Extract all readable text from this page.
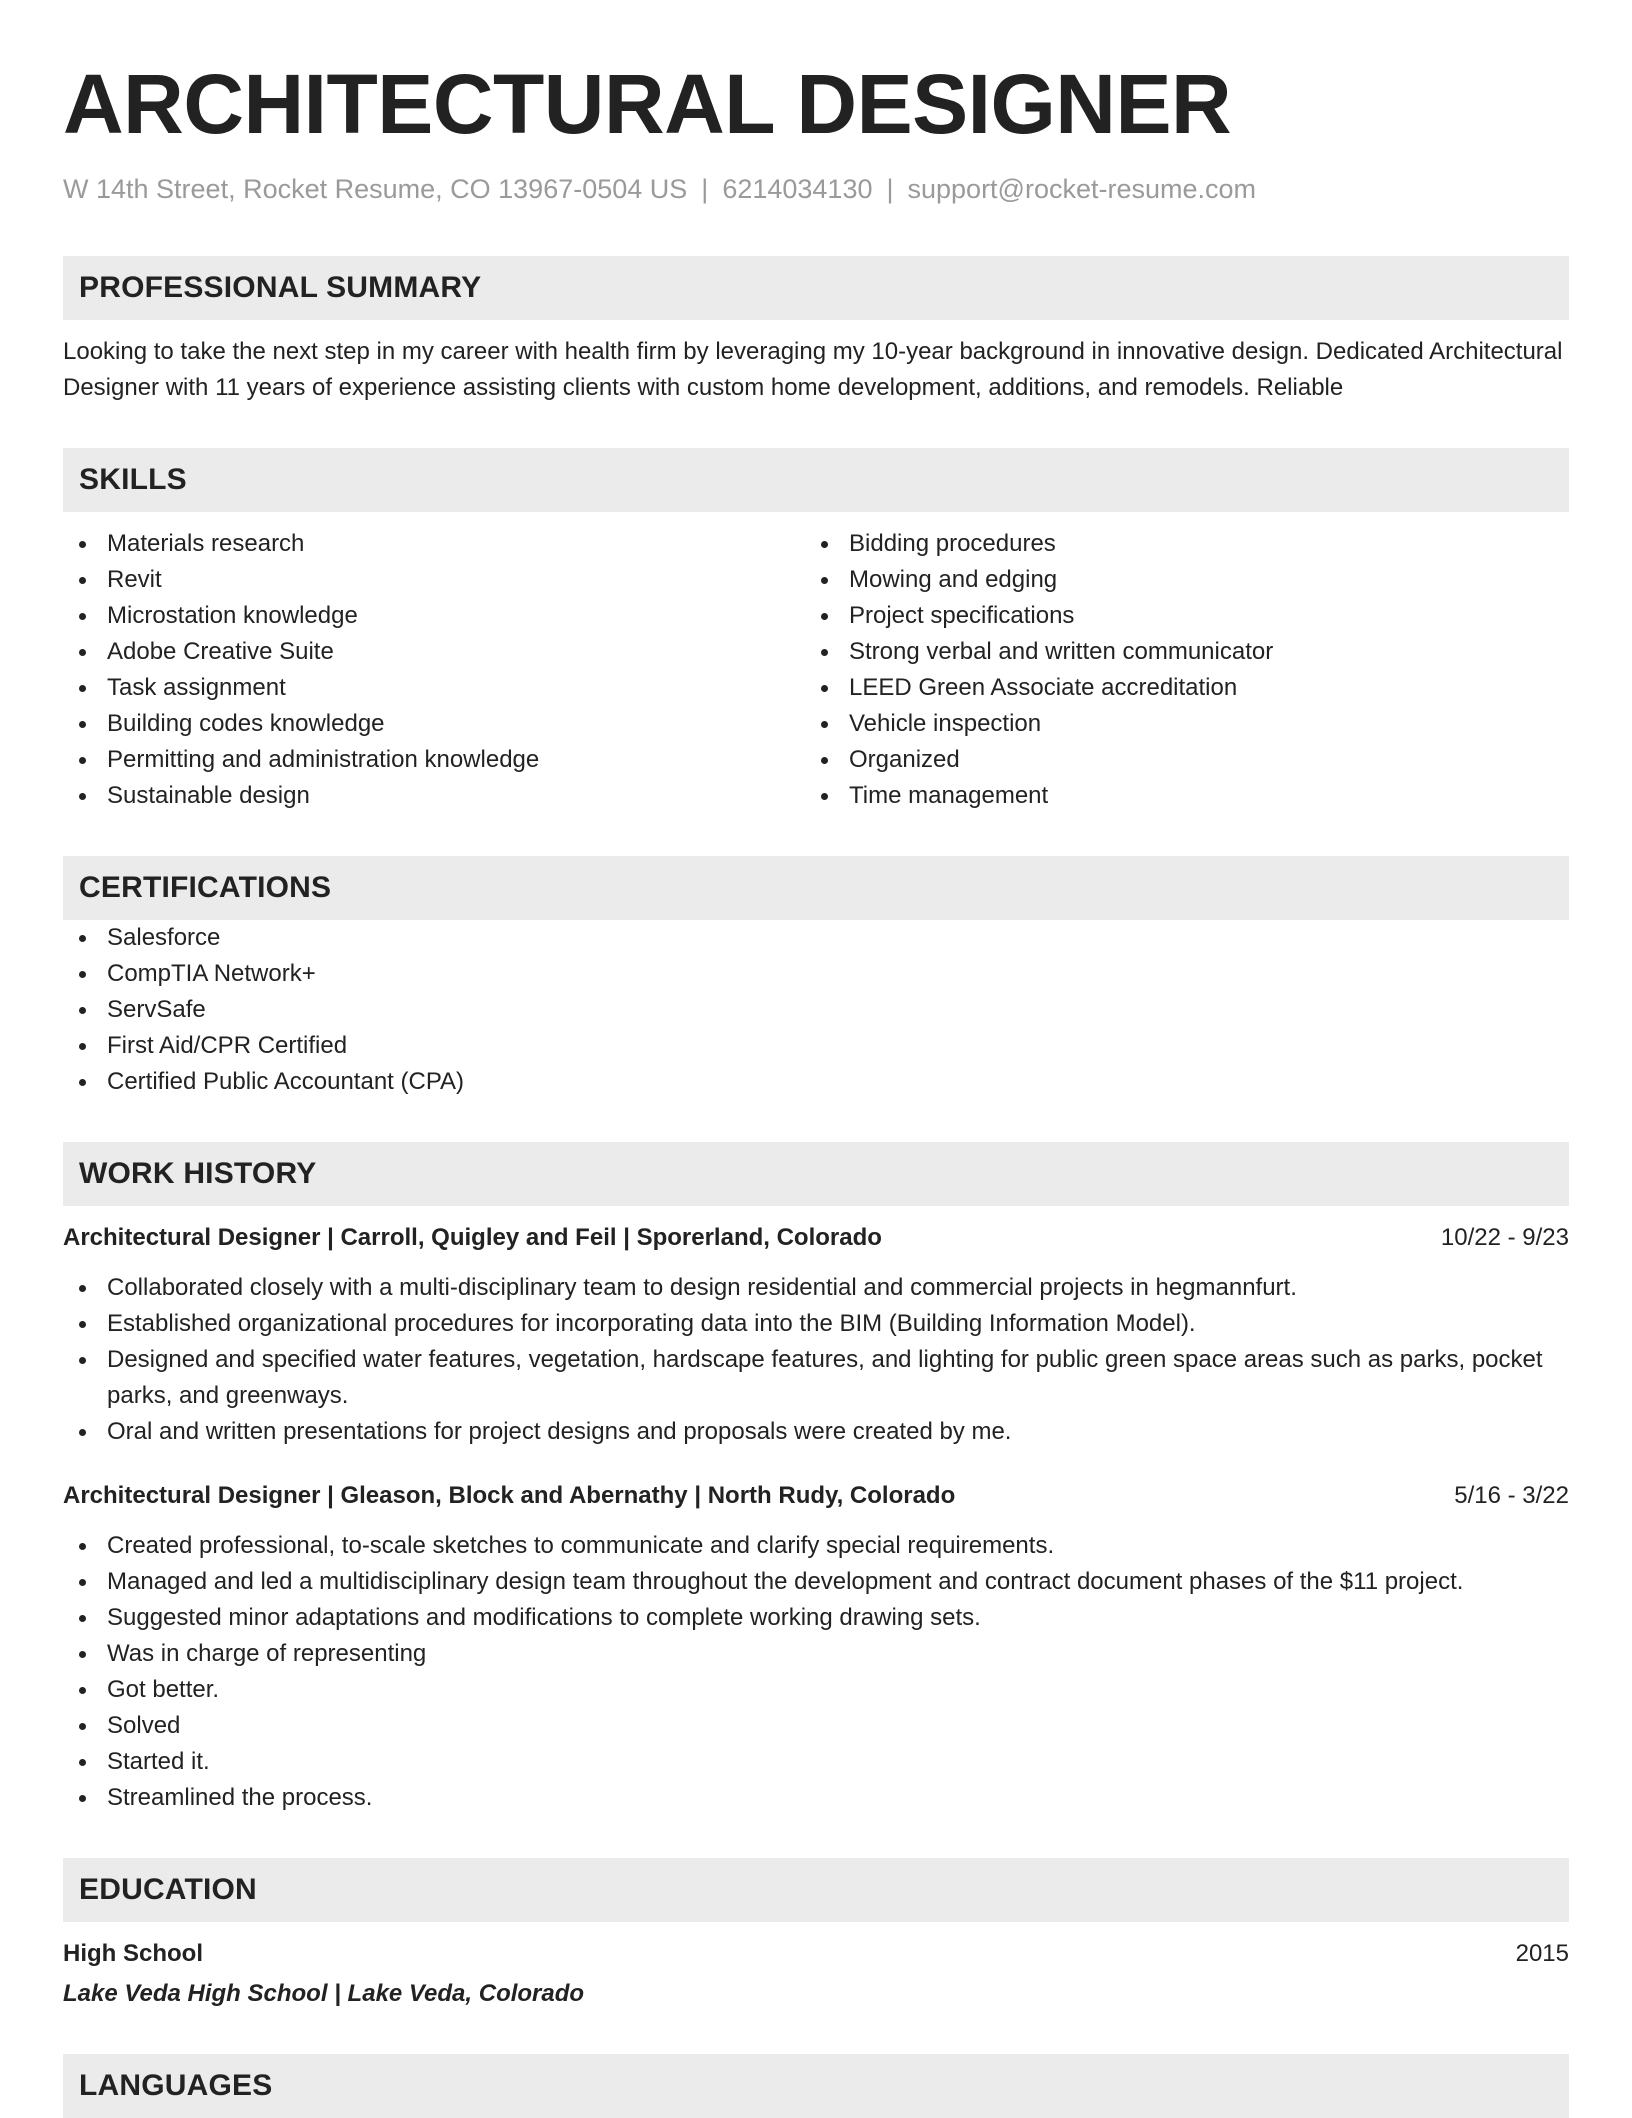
ARCHITECTURAL DESIGNER
W 14th Street, Rocket Resume, CO 13967-0504 US | 6214034130 | support@rocket-resume.com
PROFESSIONAL SUMMARY
Looking to take the next step in my career with health firm by leveraging my 10-year background in innovative design. Dedicated Architectural Designer with 11 years of experience assisting clients with custom home development, additions, and remodels. Reliable
SKILLS
Materials research
Revit
Microstation knowledge
Adobe Creative Suite
Task assignment
Building codes knowledge
Permitting and administration knowledge
Sustainable design
Bidding procedures
Mowing and edging
Project specifications
Strong verbal and written communicator
LEED Green Associate accreditation
Vehicle inspection
Organized
Time management
CERTIFICATIONS
Salesforce
CompTIA Network+
ServSafe
First Aid/CPR Certified
Certified Public Accountant (CPA)
WORK HISTORY
Architectural Designer | Carroll, Quigley and Feil | Sporerland, Colorado	10/22 - 9/23
Collaborated closely with a multi-disciplinary team to design residential and commercial projects in hegmannfurt.
Established organizational procedures for incorporating data into the BIM (Building Information Model).
Designed and specified water features, vegetation, hardscape features, and lighting for public green space areas such as parks, pocket parks, and greenways.
Oral and written presentations for project designs and proposals were created by me.
Architectural Designer | Gleason, Block and Abernathy | North Rudy, Colorado	5/16 - 3/22
Created professional, to-scale sketches to communicate and clarify special requirements.
Managed and led a multidisciplinary design team throughout the development and contract document phases of the $11 project.
Suggested minor adaptations and modifications to complete working drawing sets.
Was in charge of representing
Got better.
Solved
Started it.
Streamlined the process.
EDUCATION
High School	2015
Lake Veda High School | Lake Veda, Colorado
LANGUAGES
